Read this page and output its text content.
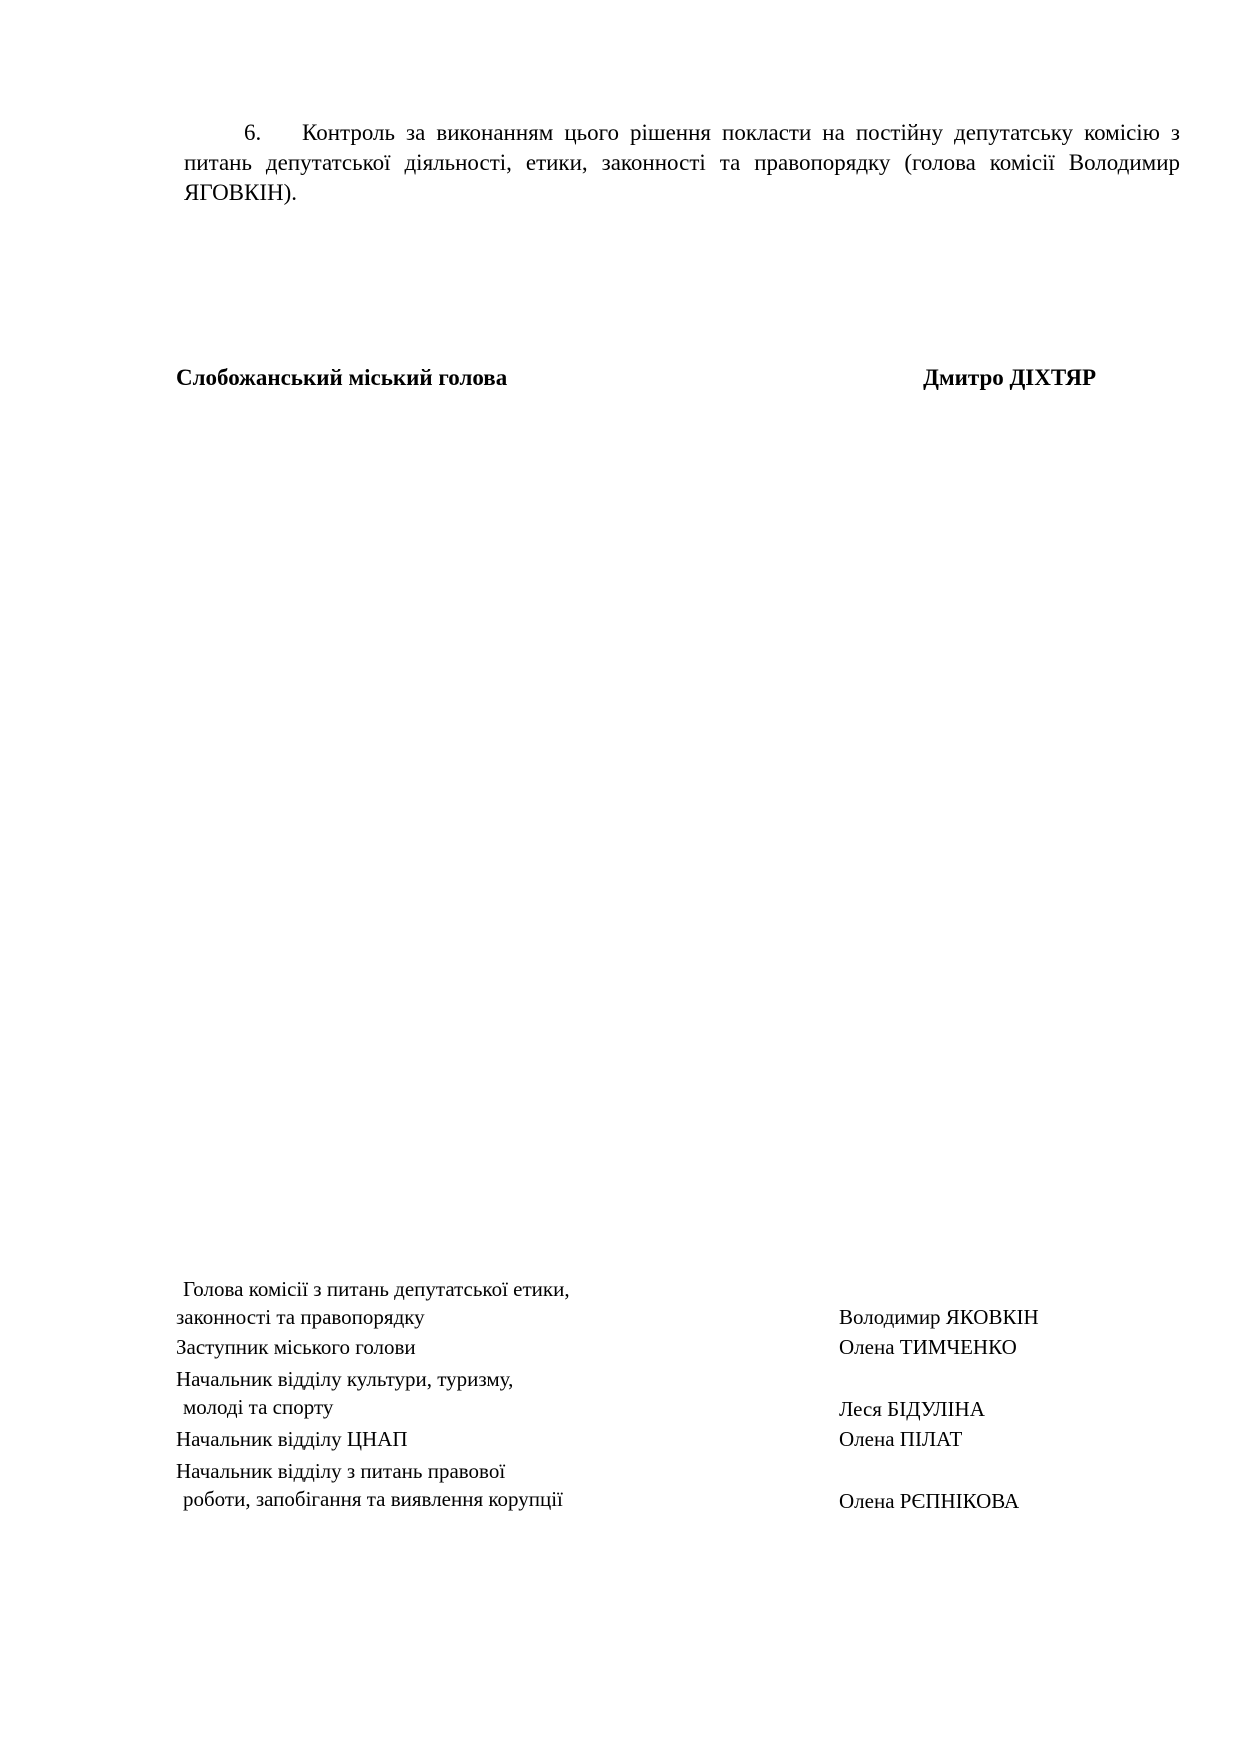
6. Контроль за виконанням цього рішення покласти на постійну депутатську комісію з питань депутатської діяльності, етики, законності та правопорядку (голова комісії Володимир ЯГОВКІН).

Слобожанський міський голова	Дмитро ДІХТЯР
Голова комісії з питань депутатської етики,
законності та правопорядку	Володимир ЯКОВКІН
Заступник міського голови	Олена ТИМЧЕНКО
Начальник відділу культури, туризму,
молоді та спорту	Леся БІДУЛІНА
Начальник відділу ЦНАП	Олена ПІЛАТ
Начальник відділу з питань правової
роботи, запобігання та виявлення корупції	Олена РЄПНІКОВА
